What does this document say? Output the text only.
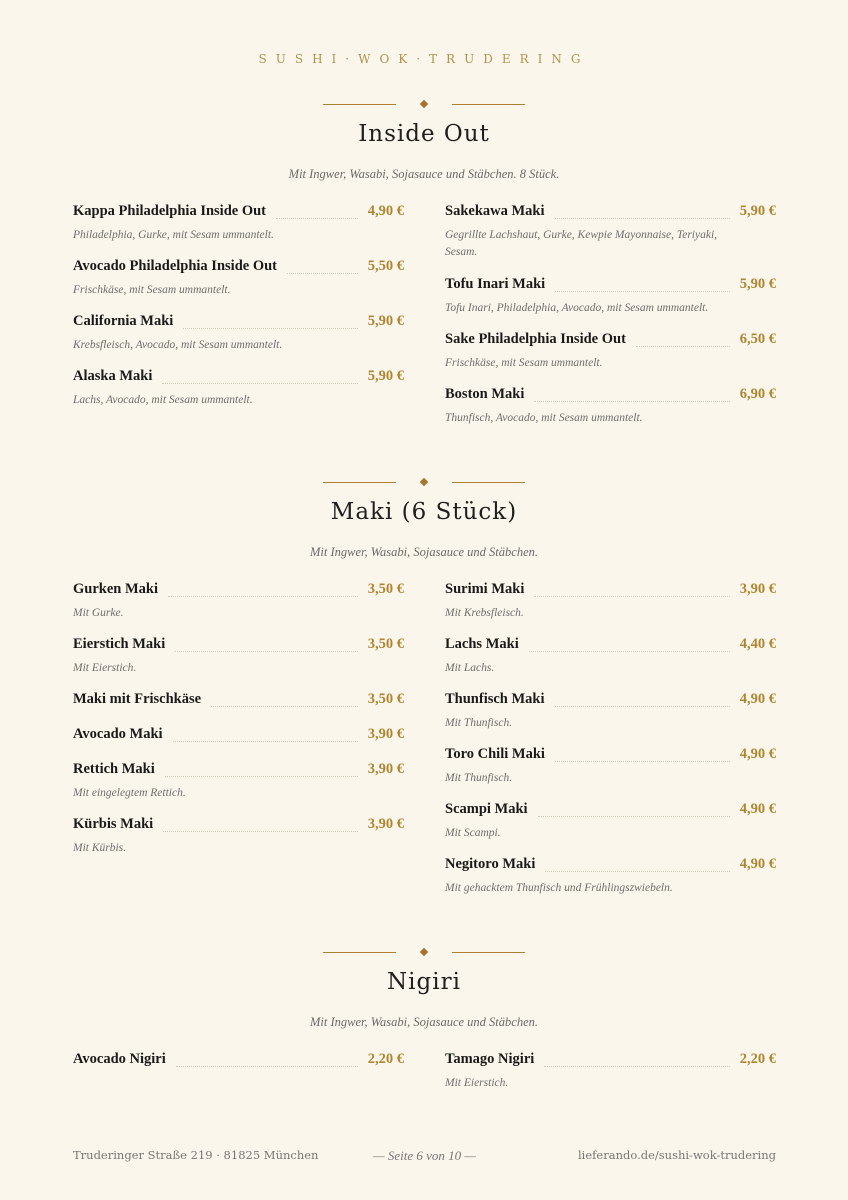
SUSHI·WOK·TRUDERING
Inside Out
Mit Ingwer, Wasabi, Sojasauce und Stäbchen. 8 Stück.
Kappa Philadelphia Inside Out	4,90 €
Philadelphia, Gurke, mit Sesam ummantelt.
Avocado Philadelphia Inside Out	5,50 €
Frischkäse, mit Sesam ummantelt.
California Maki	5,90 €
Krebsfleisch, Avocado, mit Sesam ummantelt.
Alaska Maki	5,90 €
Lachs, Avocado, mit Sesam ummantelt.
Sakekawa Maki	5,90 €
Gegrillte Lachshaut, Gurke, Kewpie Mayonnaise, Teriyaki, Sesam.
Tofu Inari Maki	5,90 €
Tofu Inari, Philadelphia, Avocado, mit Sesam ummantelt.
Sake Philadelphia Inside Out	6,50 €
Frischkäse, mit Sesam ummantelt.
Boston Maki	6,90 €
Thunfisch, Avocado, mit Sesam ummantelt.
Maki (6 Stück)
Mit Ingwer, Wasabi, Sojasauce und Stäbchen.
Gurken Maki	3,50 €
Mit Gurke.
Eierstich Maki	3,50 €
Mit Eierstich.
Maki mit Frischkäse	3,50 €
Avocado Maki	3,90 €
Rettich Maki	3,90 €
Mit eingelegtem Rettich.
Kürbis Maki	3,90 €
Mit Kürbis.
Surimi Maki	3,90 €
Mit Krebsfleisch.
Lachs Maki	4,40 €
Mit Lachs.
Thunfisch Maki	4,90 €
Mit Thunfisch.
Toro Chili Maki	4,90 €
Mit Thunfisch.
Scampi Maki	4,90 €
Mit Scampi.
Negitoro Maki	4,90 €
Mit gehacktem Thunfisch und Frühlingszwiebeln.
Nigiri
Mit Ingwer, Wasabi, Sojasauce und Stäbchen.
Avocado Nigiri	2,20 €	Tamago Nigiri	2,20 €
Mit Eierstich.
Truderinger Straße 219 · 81825 München	— Seite 6 von 10 —	lieferando.de/sushi-wok-trudering
